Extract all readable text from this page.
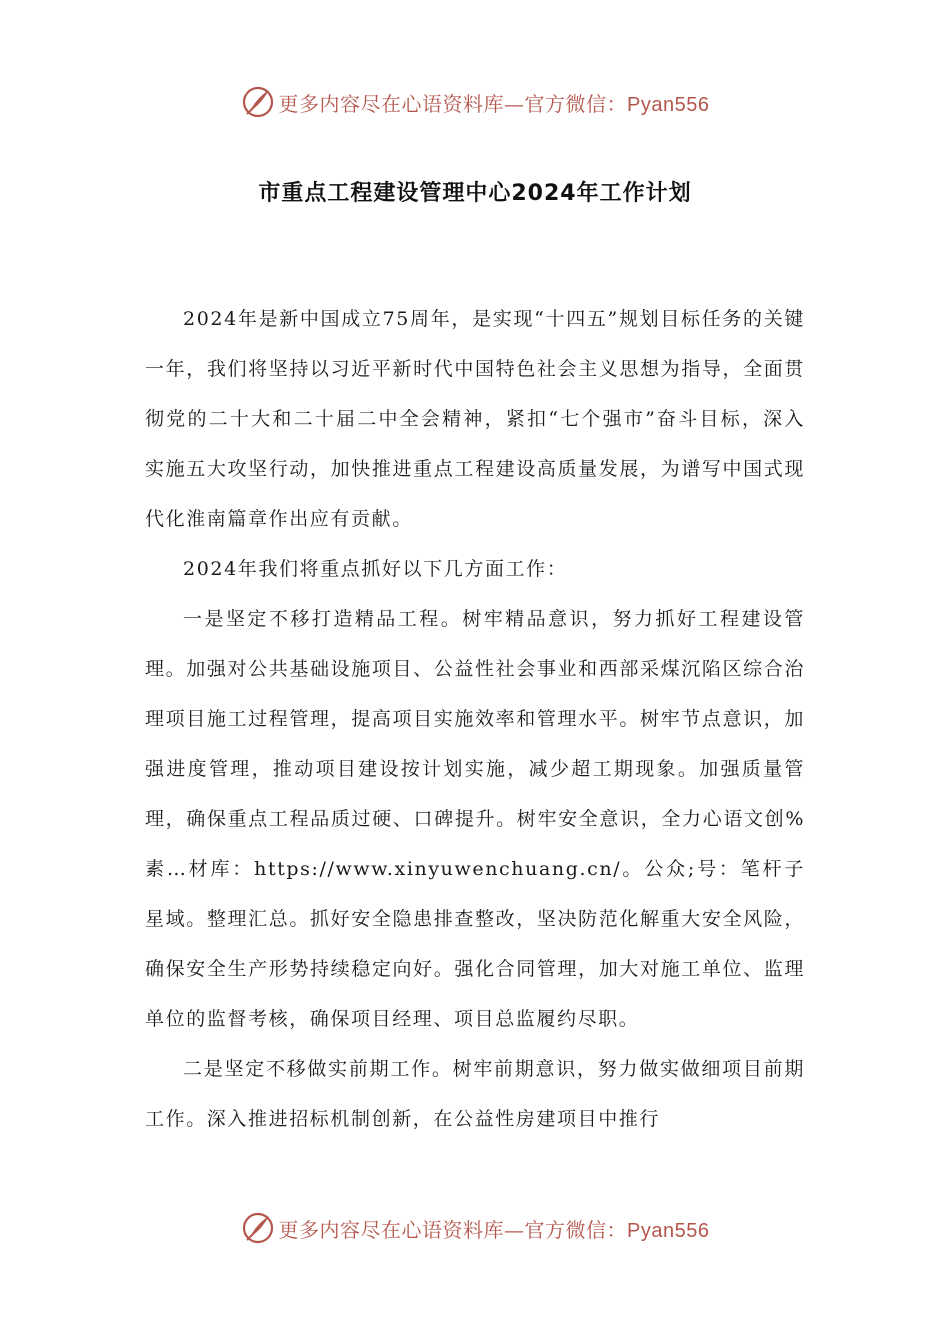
更多内容尽在心语资料库—官方微信：Pyan556
市重点工程建设管理中心2024年工作计划

2024年是新中国成立75周年，是实现“十四五”规划目标任务的关键一年，我们将坚持以习近平新时代中国特色社会主义思想为指导，全面贯彻党的二十大和二十届二中全会精神，紧扣“七个强市”奋斗目标，深入实施五大攻坚行动，加快推进重点工程建设高质量发展，为谱写中国式现代化淮南篇章作出应有贡献。

2024年我们将重点抓好以下几方面工作：

一是坚定不移打造精品工程。树牢精品意识，努力抓好工程建设管理。加强对公共基础设施项目、公益性社会事业和西部采煤沉陷区综合治理项目施工过程管理，提高项目实施效率和管理水平。树牢节点意识，加强进度管理，推动项目建设按计划实施，减少超工期现象。加强质量管理，确保重点工程品质过硬、口碑提升。树牢安全意识，全力心语文创%素…材库：https://www.xinyuwenchuang.cn/。公众;号：笔杆子星域。整理汇总。抓好安全隐患排查整改，坚决防范化解重大安全风险，确保安全生产形势持续稳定向好。强化合同管理，加大对施工单位、监理单位的监督考核，确保项目经理、项目总监履约尽职。

二是坚定不移做实前期工作。树牢前期意识，努力做实做细项目前期工作。深入推进招标机制创新，在公益性房建项目中推行

更多内容尽在心语资料库—官方微信：Pyan556
